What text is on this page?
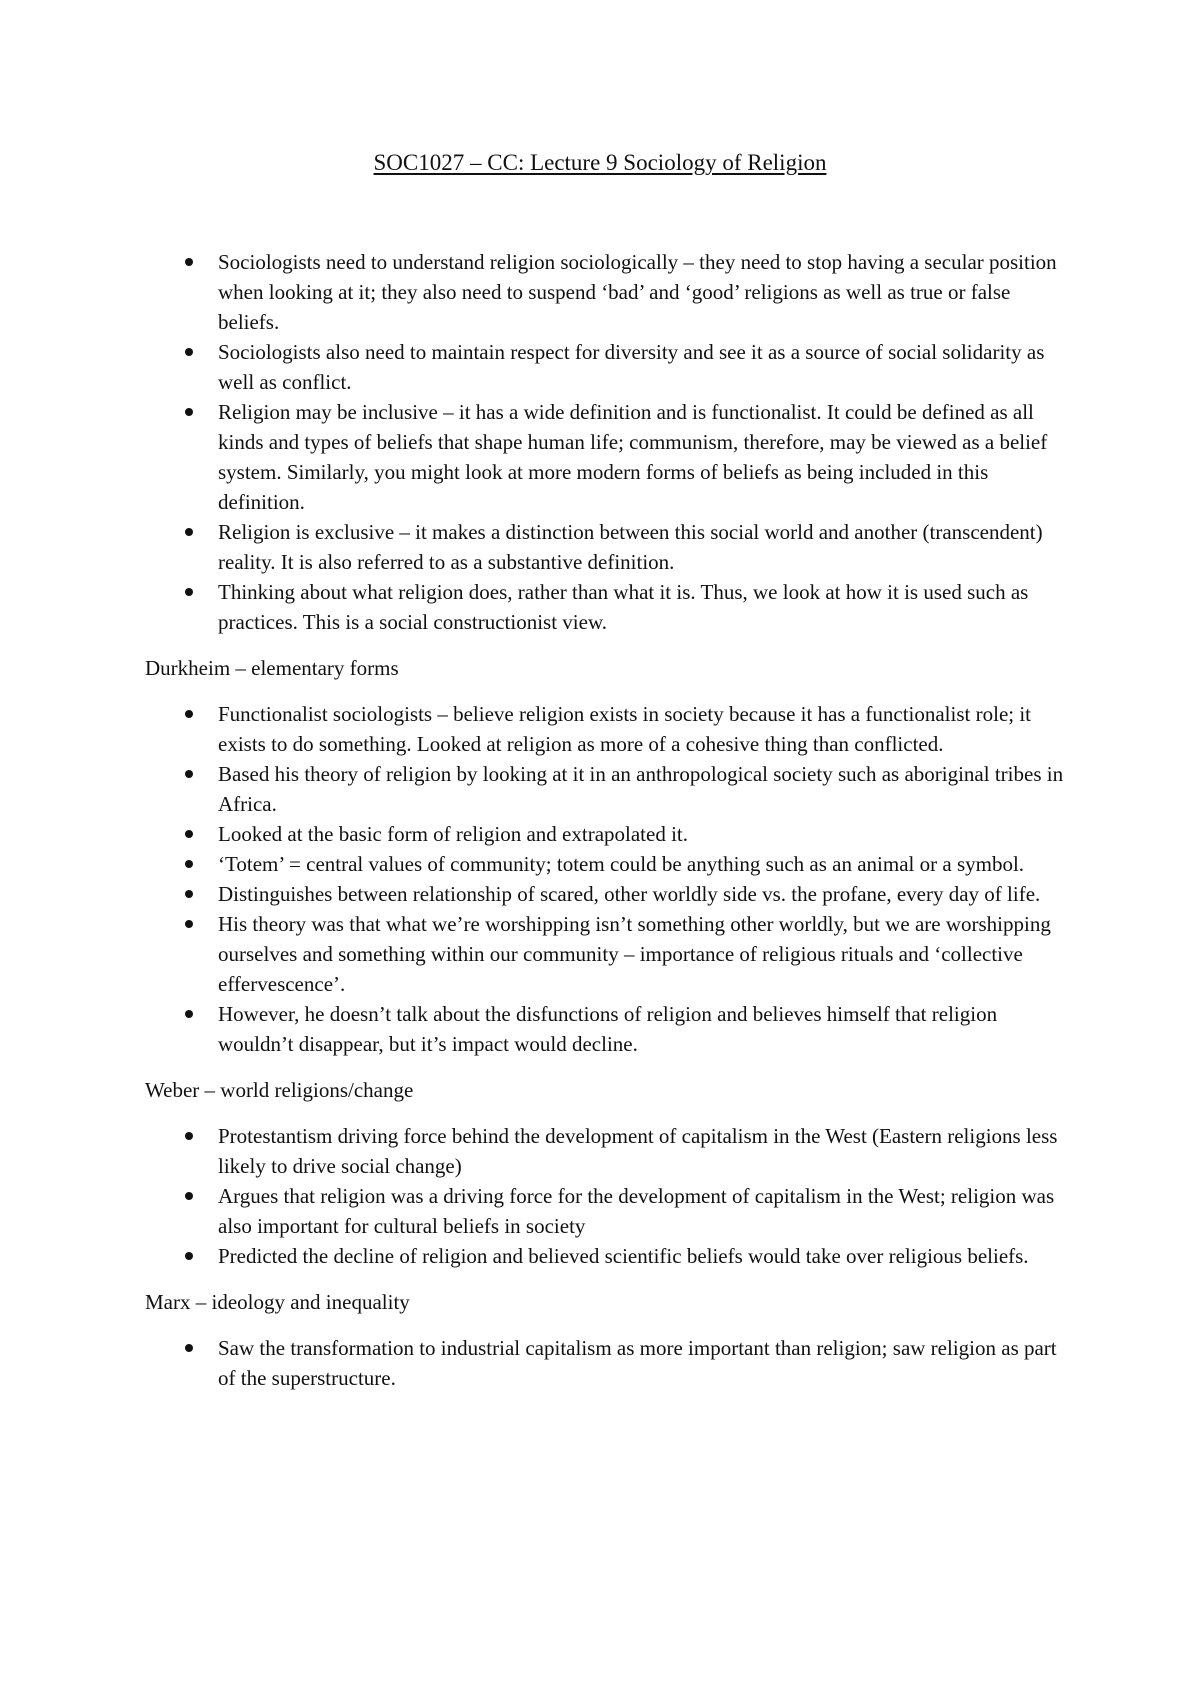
SOC1027 – CC: Lecture 9 Sociology of Religion
Sociologists need to understand religion sociologically – they need to stop having a secular position when looking at it; they also need to suspend ‘bad’ and ‘good’ religions as well as true or false beliefs.
Sociologists also need to maintain respect for diversity and see it as a source of social solidarity as well as conflict.
Religion may be inclusive – it has a wide definition and is functionalist. It could be defined as all kinds and types of beliefs that shape human life; communism, therefore, may be viewed as a belief system. Similarly, you might look at more modern forms of beliefs as being included in this definition.
Religion is exclusive – it makes a distinction between this social world and another (transcendent) reality. It is also referred to as a substantive definition.
Thinking about what religion does, rather than what it is. Thus, we look at how it is used such as practices. This is a social constructionist view.

Durkheim – elementary forms

Functionalist sociologists – believe religion exists in society because it has a functionalist role; it exists to do something. Looked at religion as more of a cohesive thing than conflicted.
Based his theory of religion by looking at it in an anthropological society such as aboriginal tribes in Africa.
Looked at the basic form of religion and extrapolated it.
‘Totem’ = central values of community; totem could be anything such as an animal or a symbol.
Distinguishes between relationship of scared, other worldly side vs. the profane, every day of life.
His theory was that what we’re worshipping isn’t something other worldly, but we are worshipping ourselves and something within our community – importance of religious rituals and ‘collective effervescence’.
However, he doesn’t talk about the disfunctions of religion and believes himself that religion wouldn’t disappear, but it’s impact would decline.

Weber – world religions/change

Protestantism driving force behind the development of capitalism in the West (Eastern religions less likely to drive social change)
Argues that religion was a driving force for the development of capitalism in the West; religion was also important for cultural beliefs in society
Predicted the decline of religion and believed scientific beliefs would take over religious beliefs.

Marx – ideology and inequality

Saw the transformation to industrial capitalism as more important than religion; saw religion as part of the superstructure.
